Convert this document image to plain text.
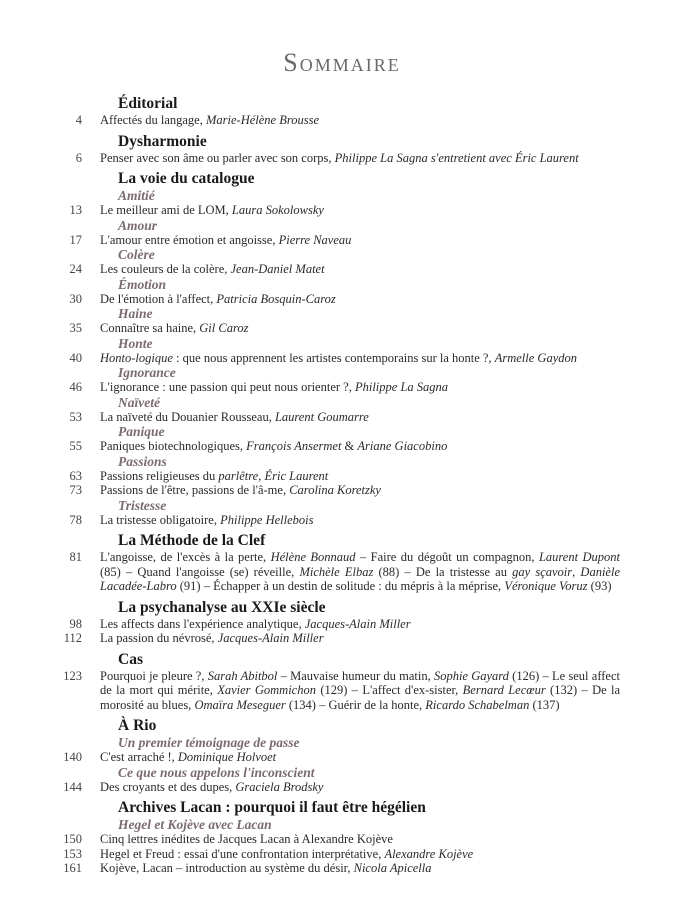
Sommaire
Éditorial
4	Affectés du langage, Marie-Hélène Brousse
Dysharmonie
6	Penser avec son âme ou parler avec son corps, Philippe La Sagna s'entretient avec Éric Laurent
La voie du catalogue
Amitié
13	Le meilleur ami de LOM, Laura Sokolowsky
Amour
17	L'amour entre émotion et angoisse, Pierre Naveau
Colère
24	Les couleurs de la colère, Jean-Daniel Matet
Émotion
30	De l'émotion à l'affect, Patricia Bosquin-Caroz
Haine
35	Connaître sa haine, Gil Caroz
Honte
40	Honto-logique : que nous apprennent les artistes contemporains sur la honte ?, Armelle Gaydon
Ignorance
46	L'ignorance : une passion qui peut nous orienter ?, Philippe La Sagna
Naïveté
53	La naïveté du Douanier Rousseau, Laurent Goumarre
Panique
55	Paniques biotechnologiques, François Ansermet & Ariane Giacobino
Passions
63	Passions religieuses du parlêtre, Éric Laurent
73	Passions de l'être, passions de l'â-me, Carolina Koretzky
Tristesse
78	La tristesse obligatoire, Philippe Hellebois
La Méthode de la Clef
81	L'angoisse, de l'excès à la perte, Hélène Bonnaud – Faire du dégoût un compagnon, Laurent Dupont (85) – Quand l'angoisse (se) réveille, Michèle Elbaz (88) – De la tristesse au gay sçavoir, Danièle Lacadée-Labro (91) – Échapper à un destin de solitude : du mépris à la méprise, Véronique Voruz (93)
La psychanalyse au XXIe siècle
98	Les affects dans l'expérience analytique, Jacques-Alain Miller
112	La passion du névrosé, Jacques-Alain Miller
Cas
123	Pourquoi je pleure ?, Sarah Abitbol – Mauvaise humeur du matin, Sophie Gayard (126) – Le seul affect de la mort qui mérite, Xavier Gommichon (129) – L'affect d'ex-sister, Bernard Lecœur (132) – De la morosité au blues, Omaïra Meseguer (134) – Guérir de la honte, Ricardo Schabelman (137)
À Rio
Un premier témoignage de passe
140	C'est arraché !, Dominique Holvoet
Ce que nous appelons l'inconscient
144	Des croyants et des dupes, Graciela Brodsky
Archives Lacan : pourquoi il faut être hégélien
Hegel et Kojève avec Lacan
150	Cinq lettres inédites de Jacques Lacan à Alexandre Kojève
153	Hegel et Freud : essai d'une confrontation interprétative, Alexandre Kojève
161	Kojève, Lacan – introduction au système du désir, Nicola Apicella
